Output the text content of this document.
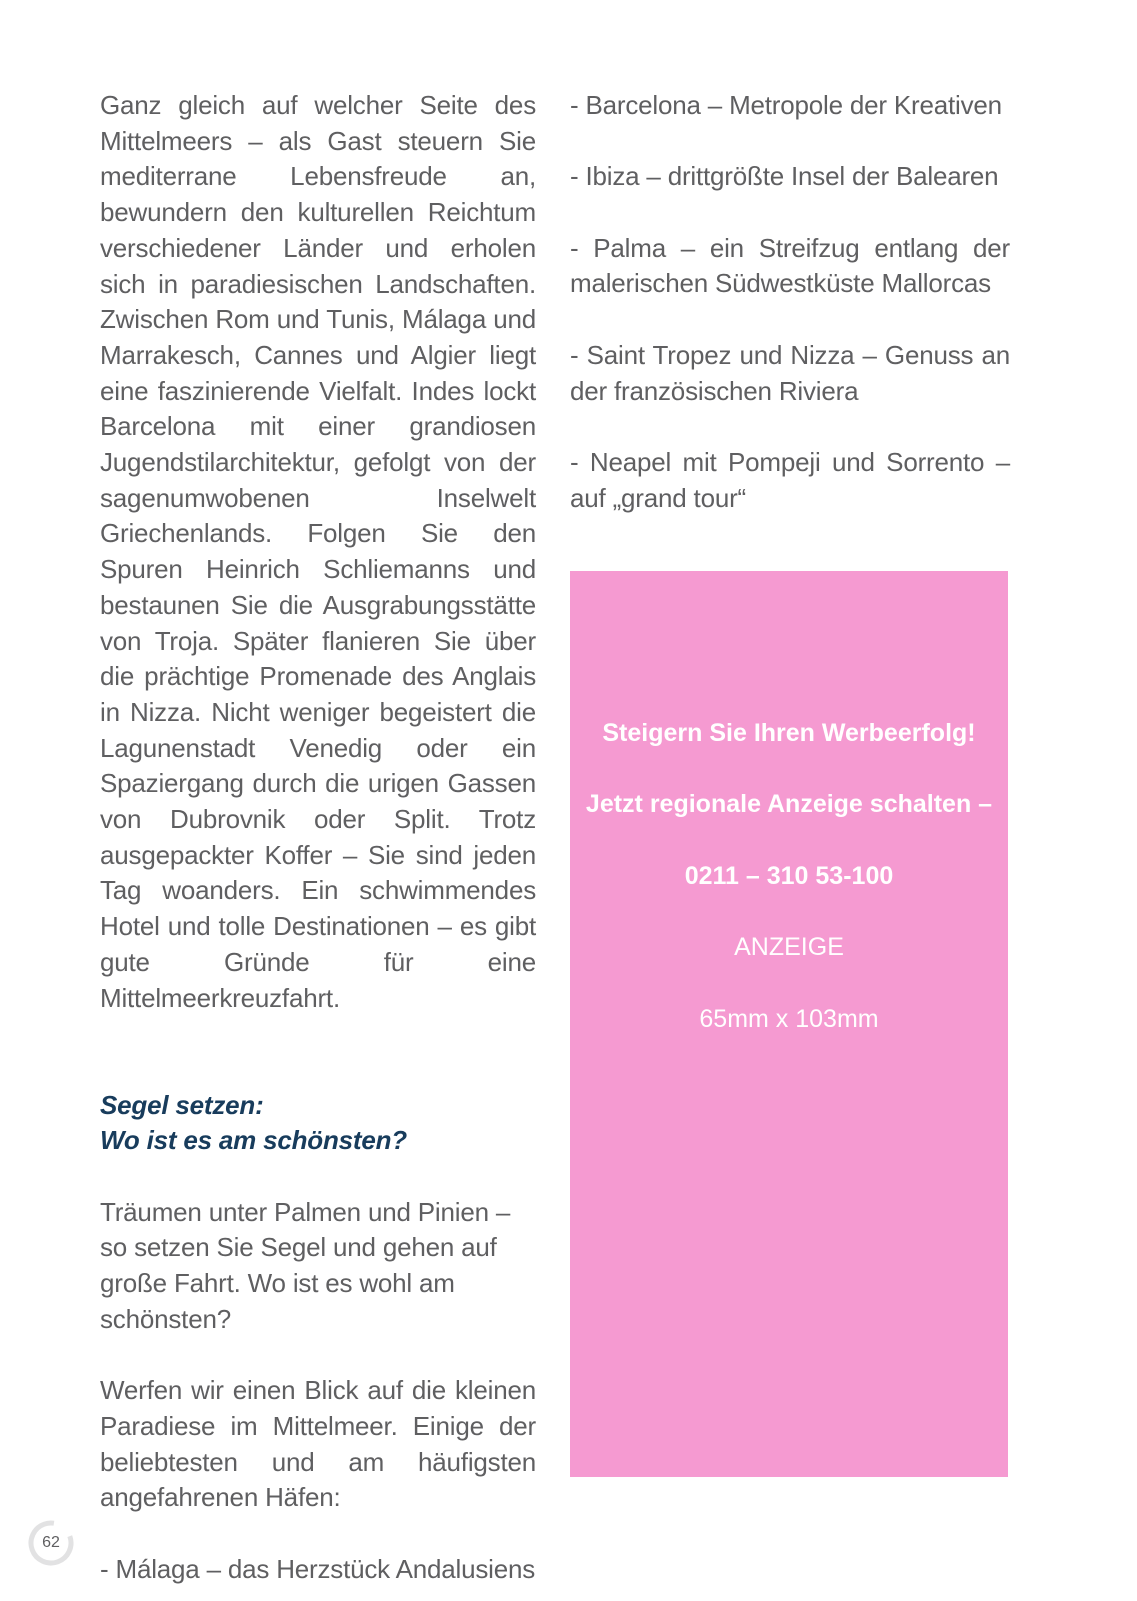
Ganz gleich auf welcher Seite des Mittelmeers – als Gast steuern Sie mediterrane Lebensfreude an, bewundern den kulturellen Reichtum verschiedener Länder und erholen sich in paradiesischen Landschaften. Zwischen Rom und Tunis, Málaga und Marrakesch, Cannes und Algier liegt eine faszinierende Vielfalt. Indes lockt Barcelona mit einer grandiosen Jugendstilarchitektur, gefolgt von der sagenumwobenen Inselwelt Griechenlands. Folgen Sie den Spuren Heinrich Schliemanns und bestaunen Sie die Ausgrabungsstätte von Troja. Später flanieren Sie über die prächtige Promenade des Anglais in Nizza. Nicht weniger begeistert die Lagunenstadt Venedig oder ein Spaziergang durch die urigen Gassen von Dubrovnik oder Split. Trotz ausgepackter Koffer – Sie sind jeden Tag woanders. Ein schwimmendes Hotel und tolle Destinationen – es gibt gute Gründe für eine Mittelmeerkreuzfahrt.

Segel setzen:

Wo ist es am schönsten?

Träumen unter Palmen und Pinien – so setzen Sie Segel und gehen auf große Fahrt. Wo ist es wohl am schönsten?

Werfen wir einen Blick auf die kleinen Paradiese im Mittelmeer. Einige der beliebtesten und am häufigsten angefahrenen Häfen:

- Málaga – das Herzstück Andalusiens

- Barcelona – Metropole der Kreativen

- Ibiza – drittgrößte Insel der Balearen

- Palma – ein Streifzug entlang der malerischen Südwestküste Mallorcas

- Saint Tropez und Nizza – Genuss an der französischen Riviera

- Neapel mit Pompeji und Sorrento – auf „grand tour“

Steigern Sie Ihren Werbeerfolg!

Jetzt regionale Anzeige schalten –

0211 – 310 53-100

ANZEIGE

65mm x 103mm

62
